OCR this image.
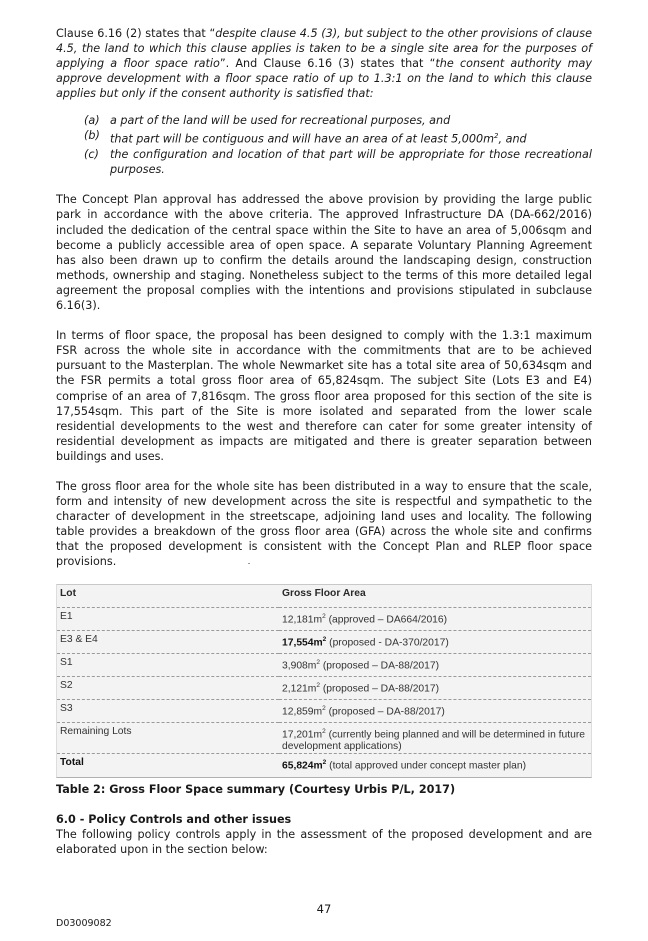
Clause 6.16 (2) states that “despite clause 4.5 (3), but subject to the other provisions of clause 4.5, the land to which this clause applies is taken to be a single site area for the purposes of applying a floor space ratio”. And Clause 6.16 (3) states that “the consent authority may approve development with a floor space ratio of up to 1.3:1 on the land to which this clause applies but only if the consent authority is satisfied that:

(a) a part of the land will be used for recreational purposes, and
(b) that part will be contiguous and will have an area of at least $5,000m^2$, and
(c) the configuration and location of that part will be appropriate for those recreational purposes.

The Concept Plan approval has addressed the above provision by providing the large public park in accordance with the above criteria. The approved Infrastructure DA (DA-662/2016) included the dedication of the central space within the Site to have an area of 5,006sqm and become a publicly accessible area of open space. A separate Voluntary Planning Agreement has also been drawn up to confirm the details around the landscaping design, construction methods, ownership and staging. Nonetheless subject to the terms of this more detailed legal agreement the proposal complies with the intentions and provisions stipulated in subclause 6.16(3).

In terms of floor space, the proposal has been designed to comply with the 1.3:1 maximum FSR across the whole site in accordance with the commitments that are to be achieved pursuant to the Masterplan. The whole Newmarket site has a total site area of 50,634sqm and the FSR permits a total gross floor area of 65,824sqm. The subject Site (Lots E3 and E4) comprise of an area of 7,816sqm. The gross floor area proposed for this section of the site is 17,554sqm. This part of the Site is more isolated and separated from the lower scale residential developments to the west and therefore can cater for some greater intensity of residential development as impacts are mitigated and there is greater separation between buildings and uses.

The gross floor area for the whole site has been distributed in a way to ensure that the scale, form and intensity of new development across the site is respectful and sympathetic to the character of development in the streetscape, adjoining land uses and locality. The following table provides a breakdown of the gross floor area (GFA) across the whole site and confirms that the proposed development is consistent with the Concept Plan and RLEP floor space provisions.

Lot	Gross Floor Area
E1	$12,181m^2$ (approved – DA664/2016)
E3 & E4	$17,554m^2$ (proposed - DA-370/2017)
S1	$3,908m^2$ (proposed – DA-88/2017)
S2	$2,121m^2$ (proposed – DA-88/2017)
S3	$12,859m^2$ (proposed – DA-88/2017)
Remaining Lots	$17,201m^2$ (currently being planned and will be determined in future development applications)
Total	$65,824m^2$ (total approved under concept master plan)
Table 2: Gross Floor Space summary (Courtesy Urbis P/L, 2017)
6.0 - Policy Controls and other issues

The following policy controls apply in the assessment of the proposed development and are elaborated upon in the section below:

47
D03009082
